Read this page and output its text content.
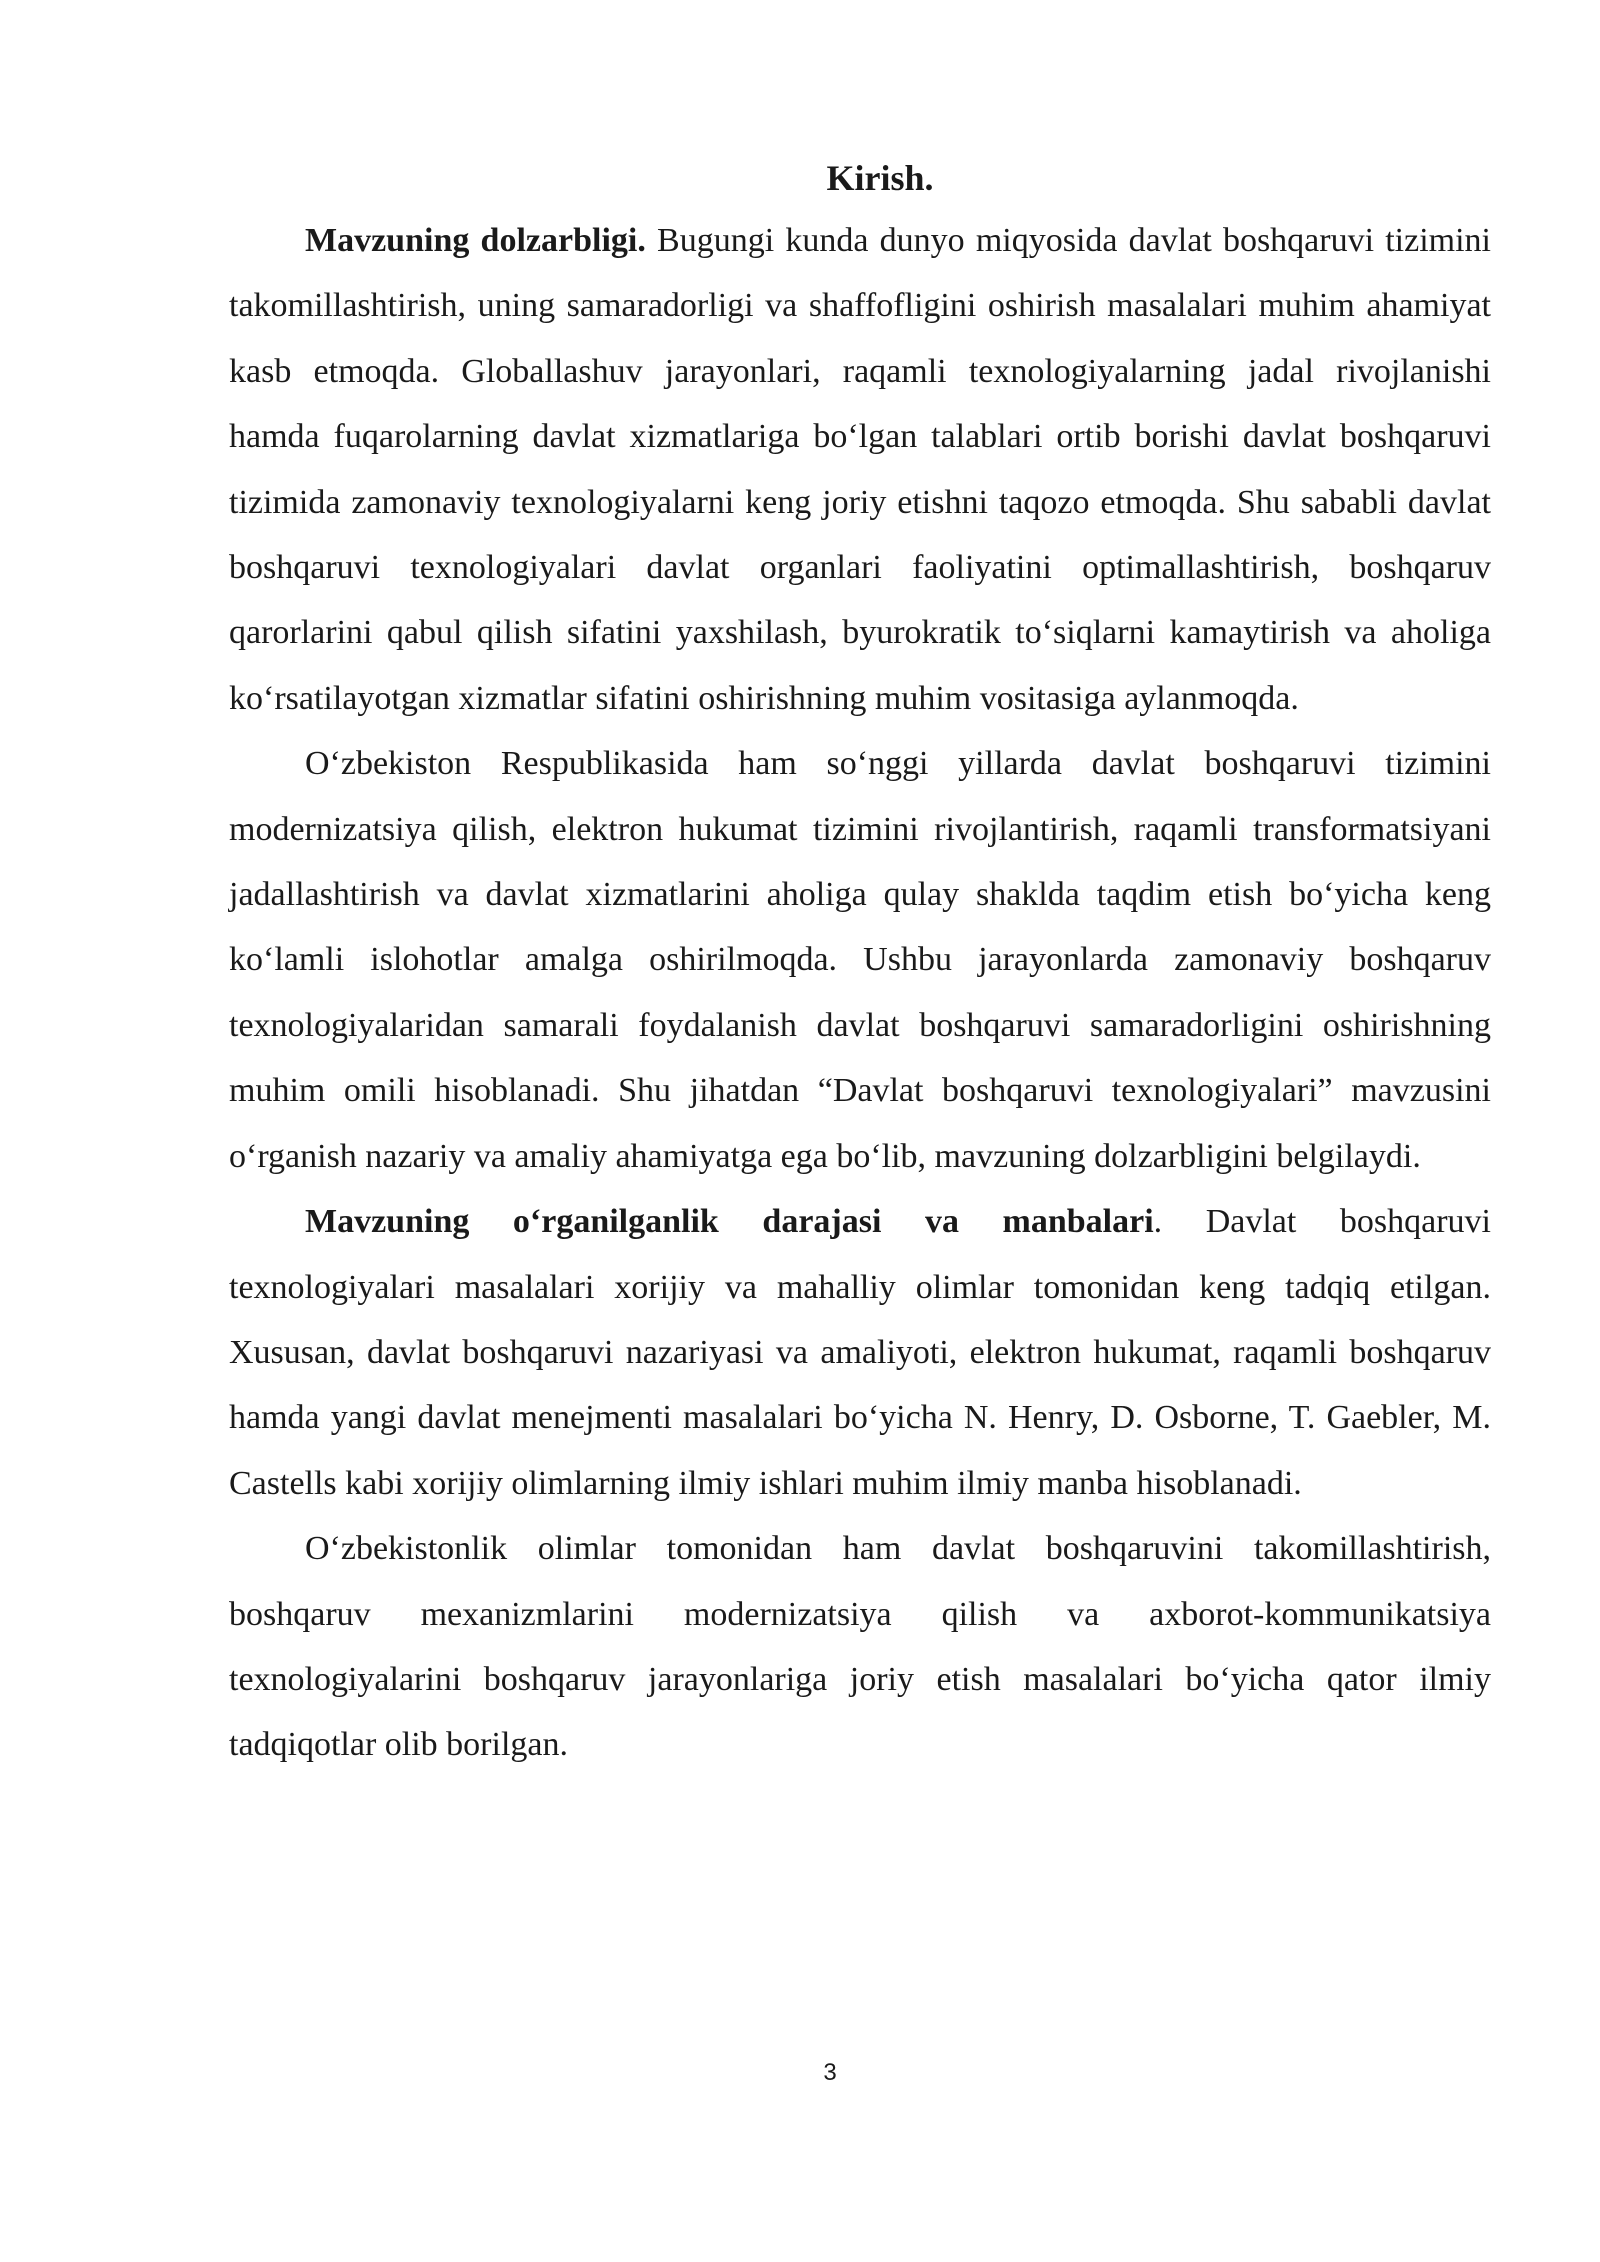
Kirish.

Mavzuning dolzarbligi. Bugungi kunda dunyo miqyosida davlat boshqaruvi tizimini takomillashtirish, uning samaradorligi va shaffofligini oshirish masalalari muhim ahamiyat kasb etmoqda. Globallashuv jarayonlari, raqamli texnologiyalarning jadal rivojlanishi hamda fuqarolarning davlat xizmatlariga bo‘lgan talablari ortib borishi davlat boshqaruvi tizimida zamonaviy texnologiyalarni keng joriy etishni taqozo etmoqda. Shu sababli davlat boshqaruvi texnologiyalari davlat organlari faoliyatini optimallashtirish, boshqaruv qarorlarini qabul qilish sifatini yaxshilash, byurokratik to‘siqlarni kamaytirish va aholiga ko‘rsatilayotgan xizmatlar sifatini oshirishning muhim vositasiga aylanmoqda.

O‘zbekiston Respublikasida ham so‘nggi yillarda davlat boshqaruvi tizimini modernizatsiya qilish, elektron hukumat tizimini rivojlantirish, raqamli transformatsiyani jadallashtirish va davlat xizmatlarini aholiga qulay shaklda taqdim etish bo‘yicha keng ko‘lamli islohotlar amalga oshirilmoqda. Ushbu jarayonlarda zamonaviy boshqaruv texnologiyalaridan samarali foydalanish davlat boshqaruvi samaradorligini oshirishning muhim omili hisoblanadi. Shu jihatdan “Davlat boshqaruvi texnologiyalari” mavzusini o‘rganish nazariy va amaliy ahamiyatga ega bo‘lib, mavzuning dolzarbligini belgilaydi.

Mavzuning o‘rganilganlik darajasi va manbalari. Davlat boshqaruvi texnologiyalari masalalari xorijiy va mahalliy olimlar tomonidan keng tadqiq etilgan. Xususan, davlat boshqaruvi nazariyasi va amaliyoti, elektron hukumat, raqamli boshqaruv hamda yangi davlat menejmenti masalalari bo‘yicha N. Henry, D. Osborne, T. Gaebler, M. Castells kabi xorijiy olimlarning ilmiy ishlari muhim ilmiy manba hisoblanadi.

O‘zbekistonlik olimlar tomonidan ham davlat boshqaruvini takomillashtirish, boshqaruv mexanizmlarini modernizatsiya qilish va axborot-kommunikatsiya texnologiyalarini boshqaruv jarayonlariga joriy etish masalalari bo‘yicha qator ilmiy tadqiqotlar olib borilgan.

3
